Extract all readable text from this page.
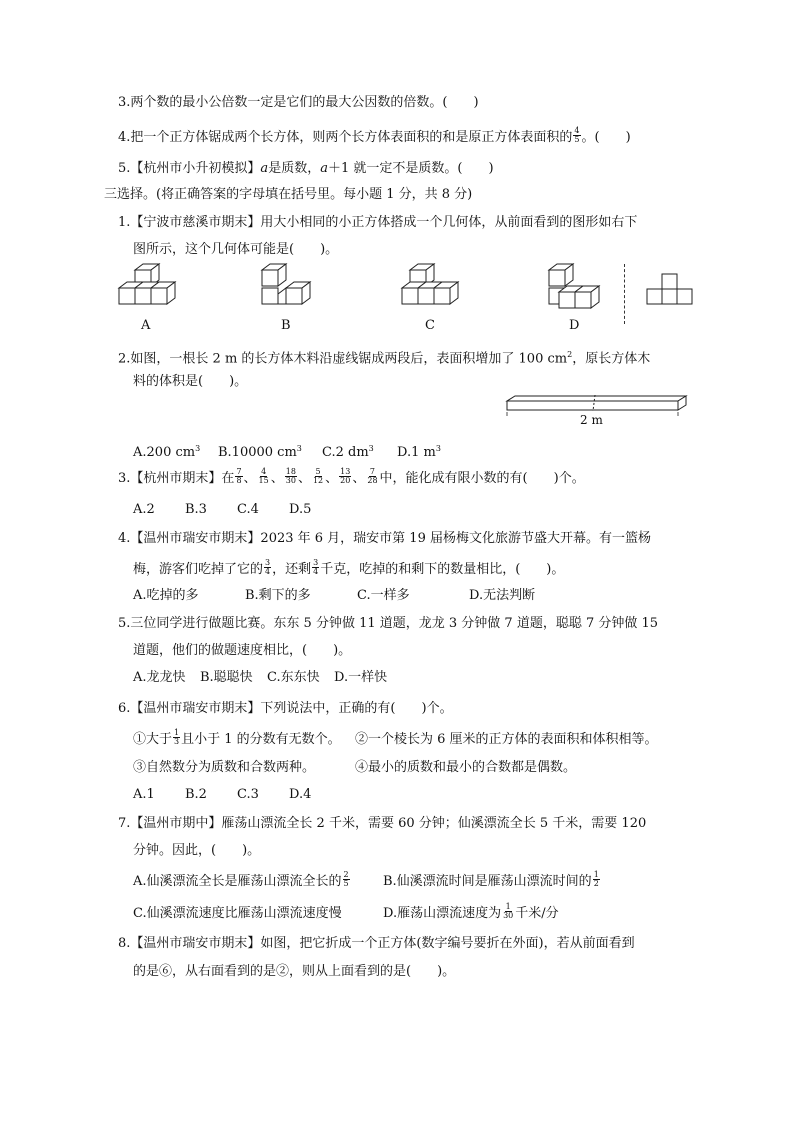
3.两个数的最小公倍数一定是它们的最大公因数的倍数。(　　)
4.把一个正方体锯成两个长方体，则两个长方体表面积的和是原正方体表面积的 $\frac{4}{5}$ 。(　　)
5.【杭州市小升初模拟】a是质数，a＋1 就一定不是质数。(　　)
三选择。(将正确答案的字母填在括号里。每小题 1 分，共 8 分)
1.【宁波市慈溪市期末】用大小相同的小正方体搭成一个几何体，从前面看到的图形如右下
图所示，这个几何体可能是(　　)。
A	B	C	D
2.如图，一根长 2 m 的长方体木料沿虚线锯成两段后，表面积增加了 100 $cm^2$，原长方体木
料的体积是(　　)。
2 m
A.200 cm3 B.10000 cm3 C.2 dm3 D.1 m3
3.【杭州市期末】在 $\frac{7}{8}$ 、 $\frac{4}{15}$ 、 $\frac{18}{30}$ 、 $\frac{5}{12}$ 、 $\frac{13}{20}$ 、 $\frac{7}{28}$ 中，能化成有限小数的有(　　)个。
A.2 B.3 C.4 D.5
4.【温州市瑞安市期末】2023 年 6 月，瑞安市第 19 届杨梅文化旅游节盛大开幕。有一篮杨
梅，游客们吃掉了它的 $\frac{3}{4}$ ，还剩 $\frac{3}{4}$ 千克，吃掉的和剩下的数量相比，(　　)。
A.吃掉的多	B.剩下的多	C.一样多	D.无法判断
5.三位同学进行做题比赛。东东 5 分钟做 11 道题，龙龙 3 分钟做 7 道题，聪聪 7 分钟做 15
道题，他们的做题速度相比，(　　)。
A.龙龙快 B.聪聪快 C.东东快 D.一样快
6.【温州市瑞安市期末】下列说法中，正确的有(　　)个。
①大于 $\frac{1}{3}$ 且小于 1 的分数有无数个。 ②一个棱长为 6 厘米的正方体的表面积和体积相等。
③自然数分为质数和合数两种。	④最小的质数和最小的合数都是偶数。
A.1 B.2 C.3 D.4
7.【温州市期中】雁荡山漂流全长 2 千米，需要 60 分钟；仙溪漂流全长 5 千米，需要 120
分钟。因此，(　　)。
A.仙溪漂流全长是雁荡山漂流全长的 $\frac{2}{5}$	B.仙溪漂流时间是雁荡山漂流时间的 $\frac{1}{2}$
C.仙溪漂流速度比雁荡山漂流速度慢	D.雁荡山漂流速度为 $\frac{1}{30}$ 千米/分
8.【温州市瑞安市期末】如图，把它折成一个正方体(数字编号要折在外面)，若从前面看到
的是⑥，从右面看到的是②，则从上面看到的是(　　)。
